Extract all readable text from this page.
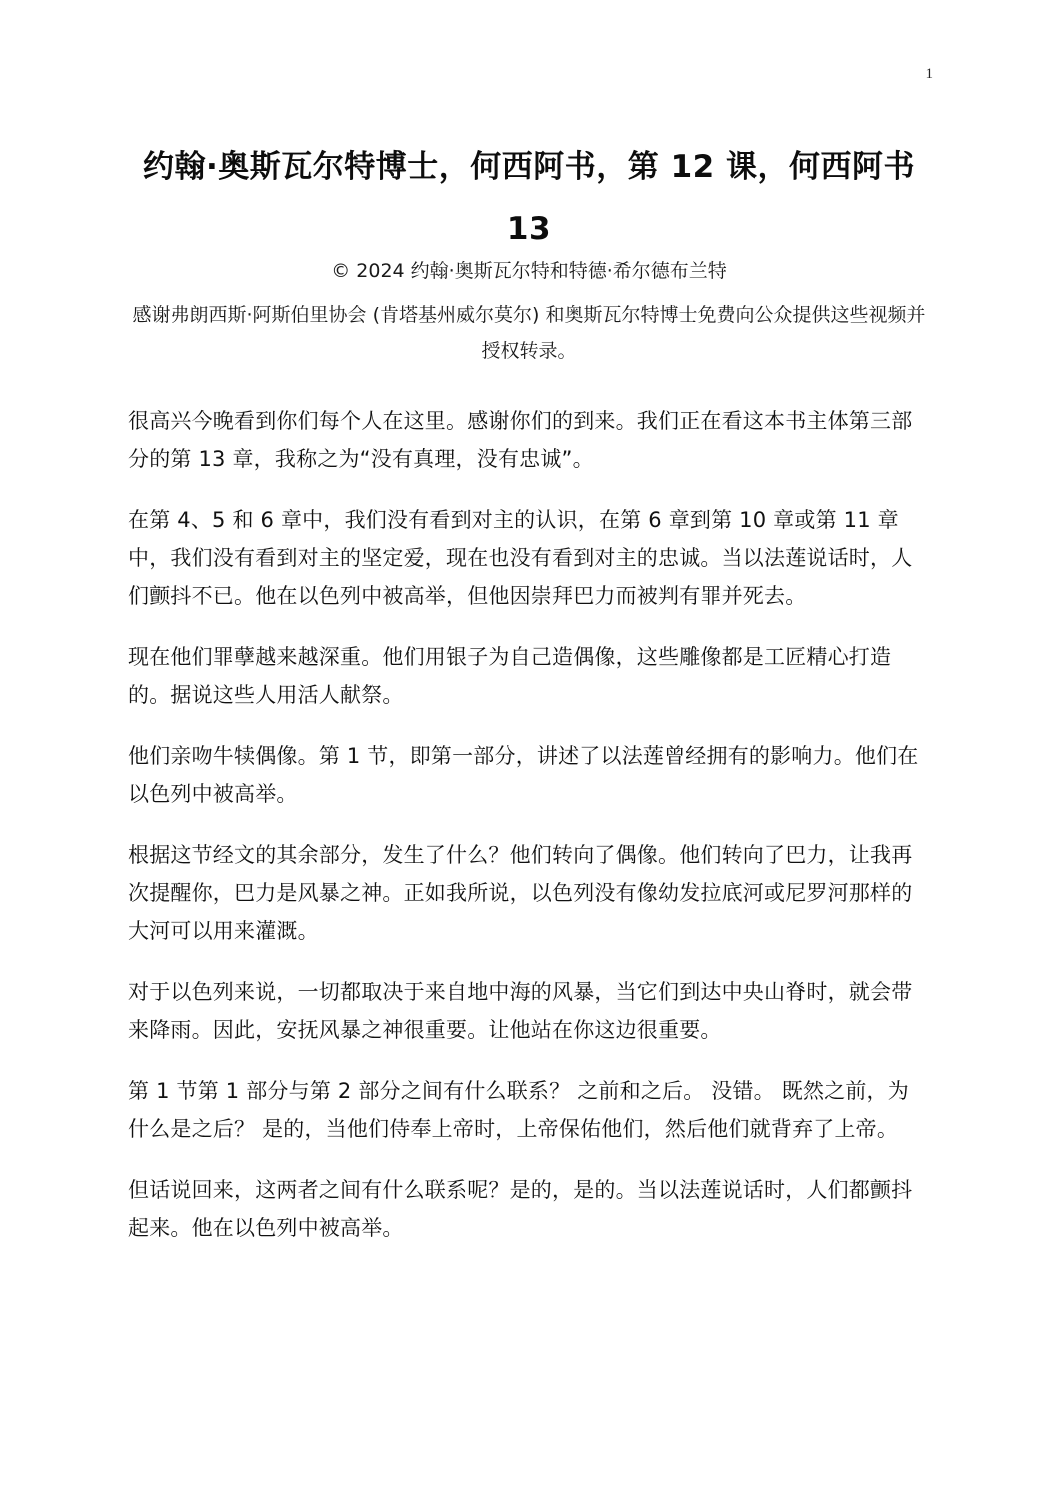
1
约翰·奥斯瓦尔特博士，何西阿书，第 12 课，何西阿书 13
© 2024 约翰·奥斯瓦尔特和特德·希尔德布兰特
感谢弗朗西斯·阿斯伯里协会 (肯塔基州威尔莫尔) 和奥斯瓦尔特博士免费向公众提供这些视频并授权转录。

很高兴今晚看到你们每个人在这里。感谢你们的到来。我们正在看这本书主体第三部分的第 13 章，我称之为“没有真理，没有忠诚”。

在第 4、5 和 6 章中，我们没有看到对主的认识，在第 6 章到第 10 章或第 11 章中，我们没有看到对主的坚定爱，现在也没有看到对主的忠诚。当以法莲说话时，人们颤抖不已。他在以色列中被高举，但他因崇拜巴力而被判有罪并死去。

现在他们罪孽越来越深重。他们用银子为自己造偶像，这些雕像都是工匠精心打造的。据说这些人用活人献祭。

他们亲吻牛犊偶像。第 1 节，即第一部分，讲述了以法莲曾经拥有的影响力。他们在以色列中被高举。

根据这节经文的其余部分，发生了什么？他们转向了偶像。他们转向了巴力，让我再次提醒你，巴力是风暴之神。正如我所说，以色列没有像幼发拉底河或尼罗河那样的大河可以用来灌溉。

对于以色列来说，一切都取决于来自地中海的风暴，当它们到达中央山脊时，就会带来降雨。因此，安抚风暴之神很重要。让他站在你这边很重要。

第 1 节第 1 部分与第 2 部分之间有什么联系？ 之前和之后。 没错。 既然之前，为什么是之后？ 是的，当他们侍奉上帝时，上帝保佑他们，然后他们就背弃了上帝。

但话说回来，这两者之间有什么联系呢？是的，是的。当以法莲说话时，人们都颤抖起来。他在以色列中被高举。
